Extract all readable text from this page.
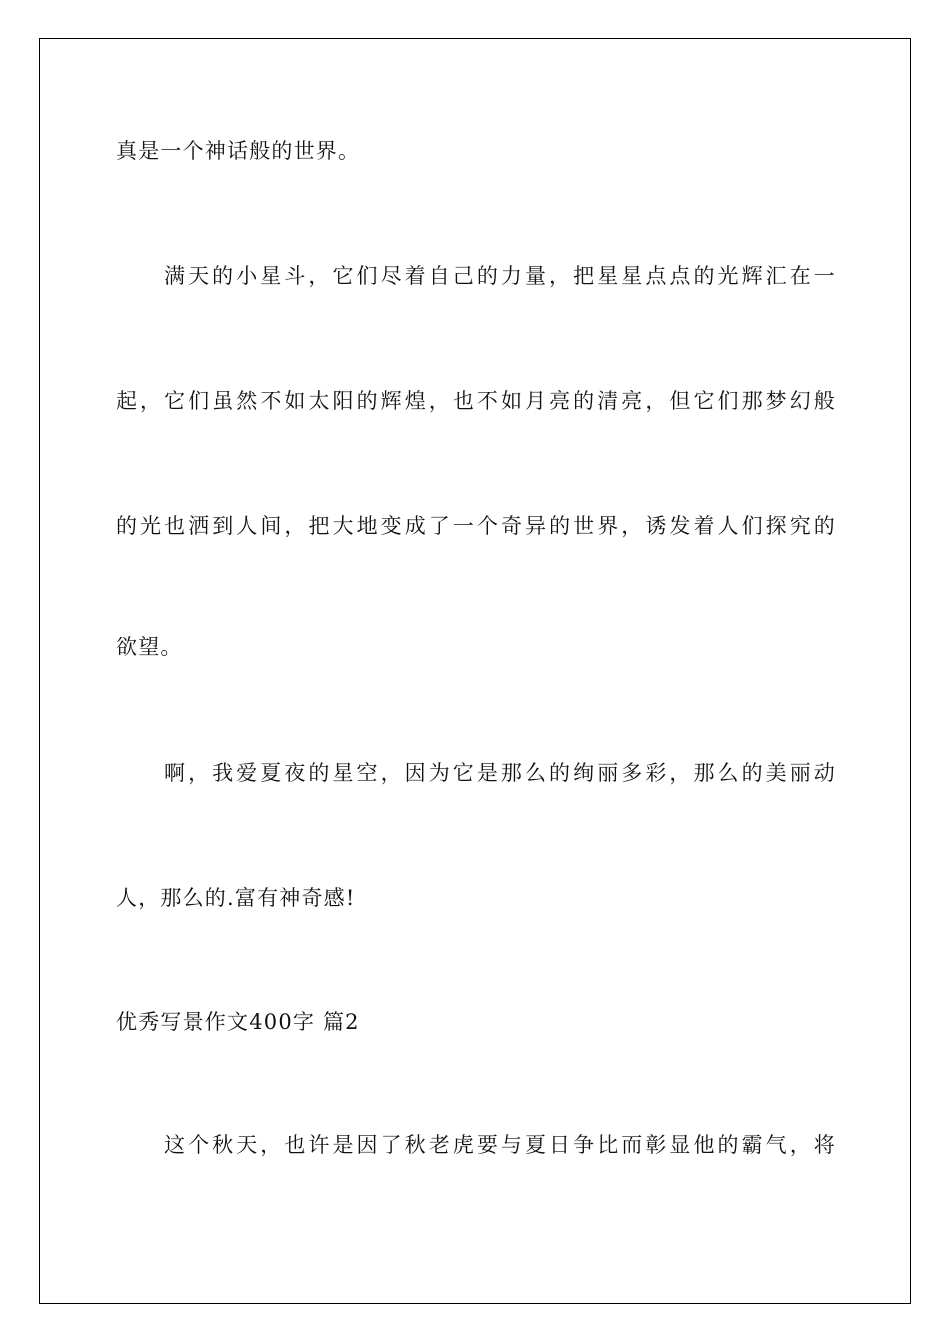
真是一个神话般的世界。

满天的小星斗，它们尽着自己的力量，把星星点点的光辉汇在一

起，它们虽然不如太阳的辉煌，也不如月亮的清亮，但它们那梦幻般

的光也洒到人间，把大地变成了一个奇异的世界，诱发着人们探究的

欲望。

啊，我爱夏夜的星空，因为它是那么的绚丽多彩，那么的美丽动

人，那么的.富有神奇感!

优秀写景作文400字 篇2

这个秋天，也许是因了秋老虎要与夏日争比而彰显他的霸气，将
